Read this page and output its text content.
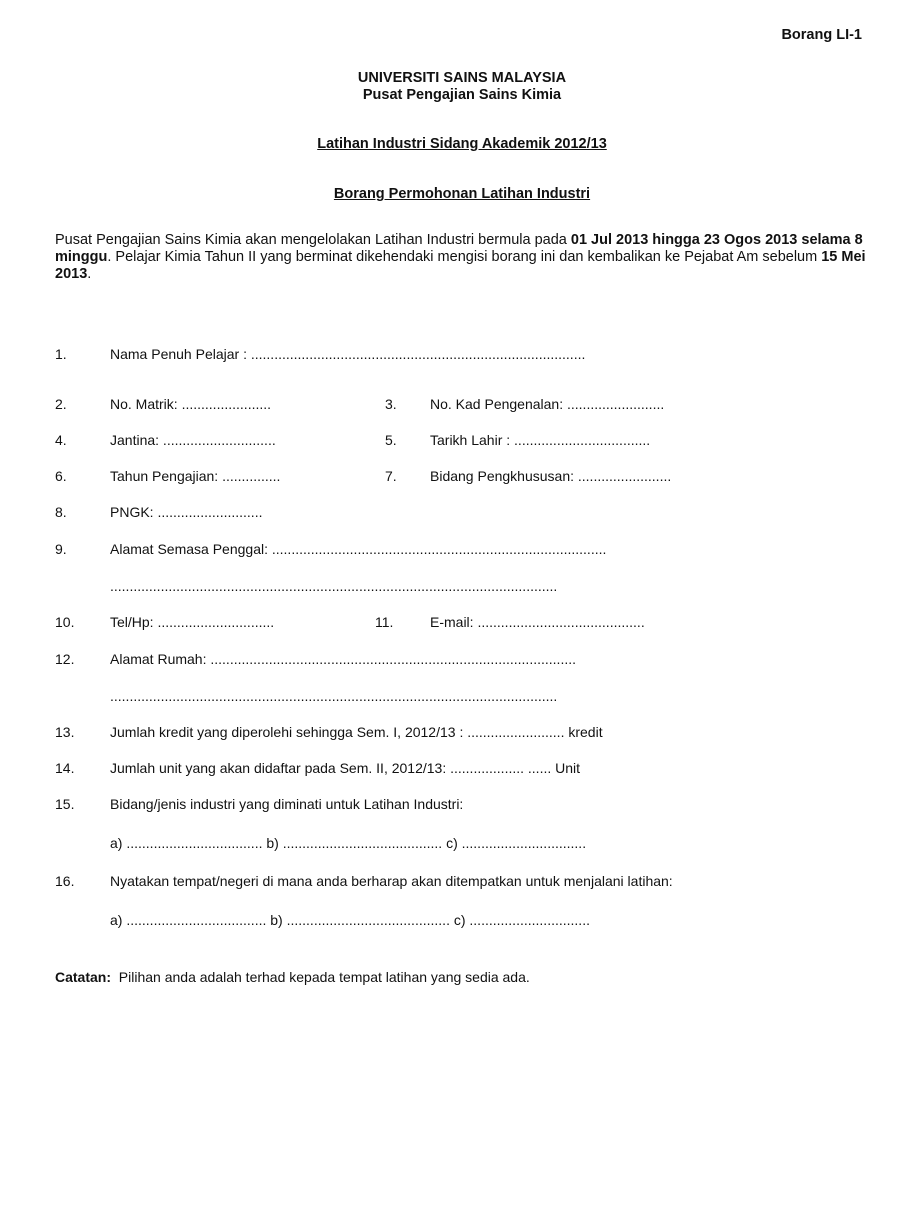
Borang LI-1
UNIVERSITI SAINS MALAYSIA
Pusat Pengajian Sains Kimia
Latihan Industri Sidang Akademik 2012/13
Borang Permohonan Latihan Industri
Pusat Pengajian Sains Kimia akan mengelolakan Latihan Industri bermula pada 01 Jul 2013 hingga 23 Ogos 2013 selama 8 minggu. Pelajar Kimia Tahun II yang berminat dikehendaki mengisi borang ini dan kembalikan ke Pejabat Am sebelum 15 Mei 2013.
1.	Nama Penuh Pelajar : ......................................................................................
2.	No. Matrik: .......................	3. No. Kad Pengenalan: .........................
4.	Jantina: .............................	5. Tarikh Lahir : ...................................
6.	Tahun Pengajian: ...............	7. Bidang Pengkhususan: ........................
8.	PNGK: ...........................
9.	Alamat Semasa Penggal: ......................................................................................
...................................................................................................................
10.	Tel/Hp: ..............................	11.	E-mail: ...........................................
12.	Alamat Rumah: ..............................................................................................
...................................................................................................................
13.	Jumlah kredit yang diperolehi sehingga Sem. I, 2012/13 : ......................... kredit
14.	Jumlah unit yang akan didaftar pada Sem. II, 2012/13: ................... ...... Unit
15.	Bidang/jenis industri yang diminati untuk Latihan Industri:
a) ................................... b) ......................................... c) ................................
16.	Nyatakan tempat/negeri di mana anda berharap akan ditempatkan untuk menjalani latihan:
a) .................................... b) .......................................... c) ...............................
Catatan:  Pilihan anda adalah terhad kepada tempat latihan yang sedia ada.
